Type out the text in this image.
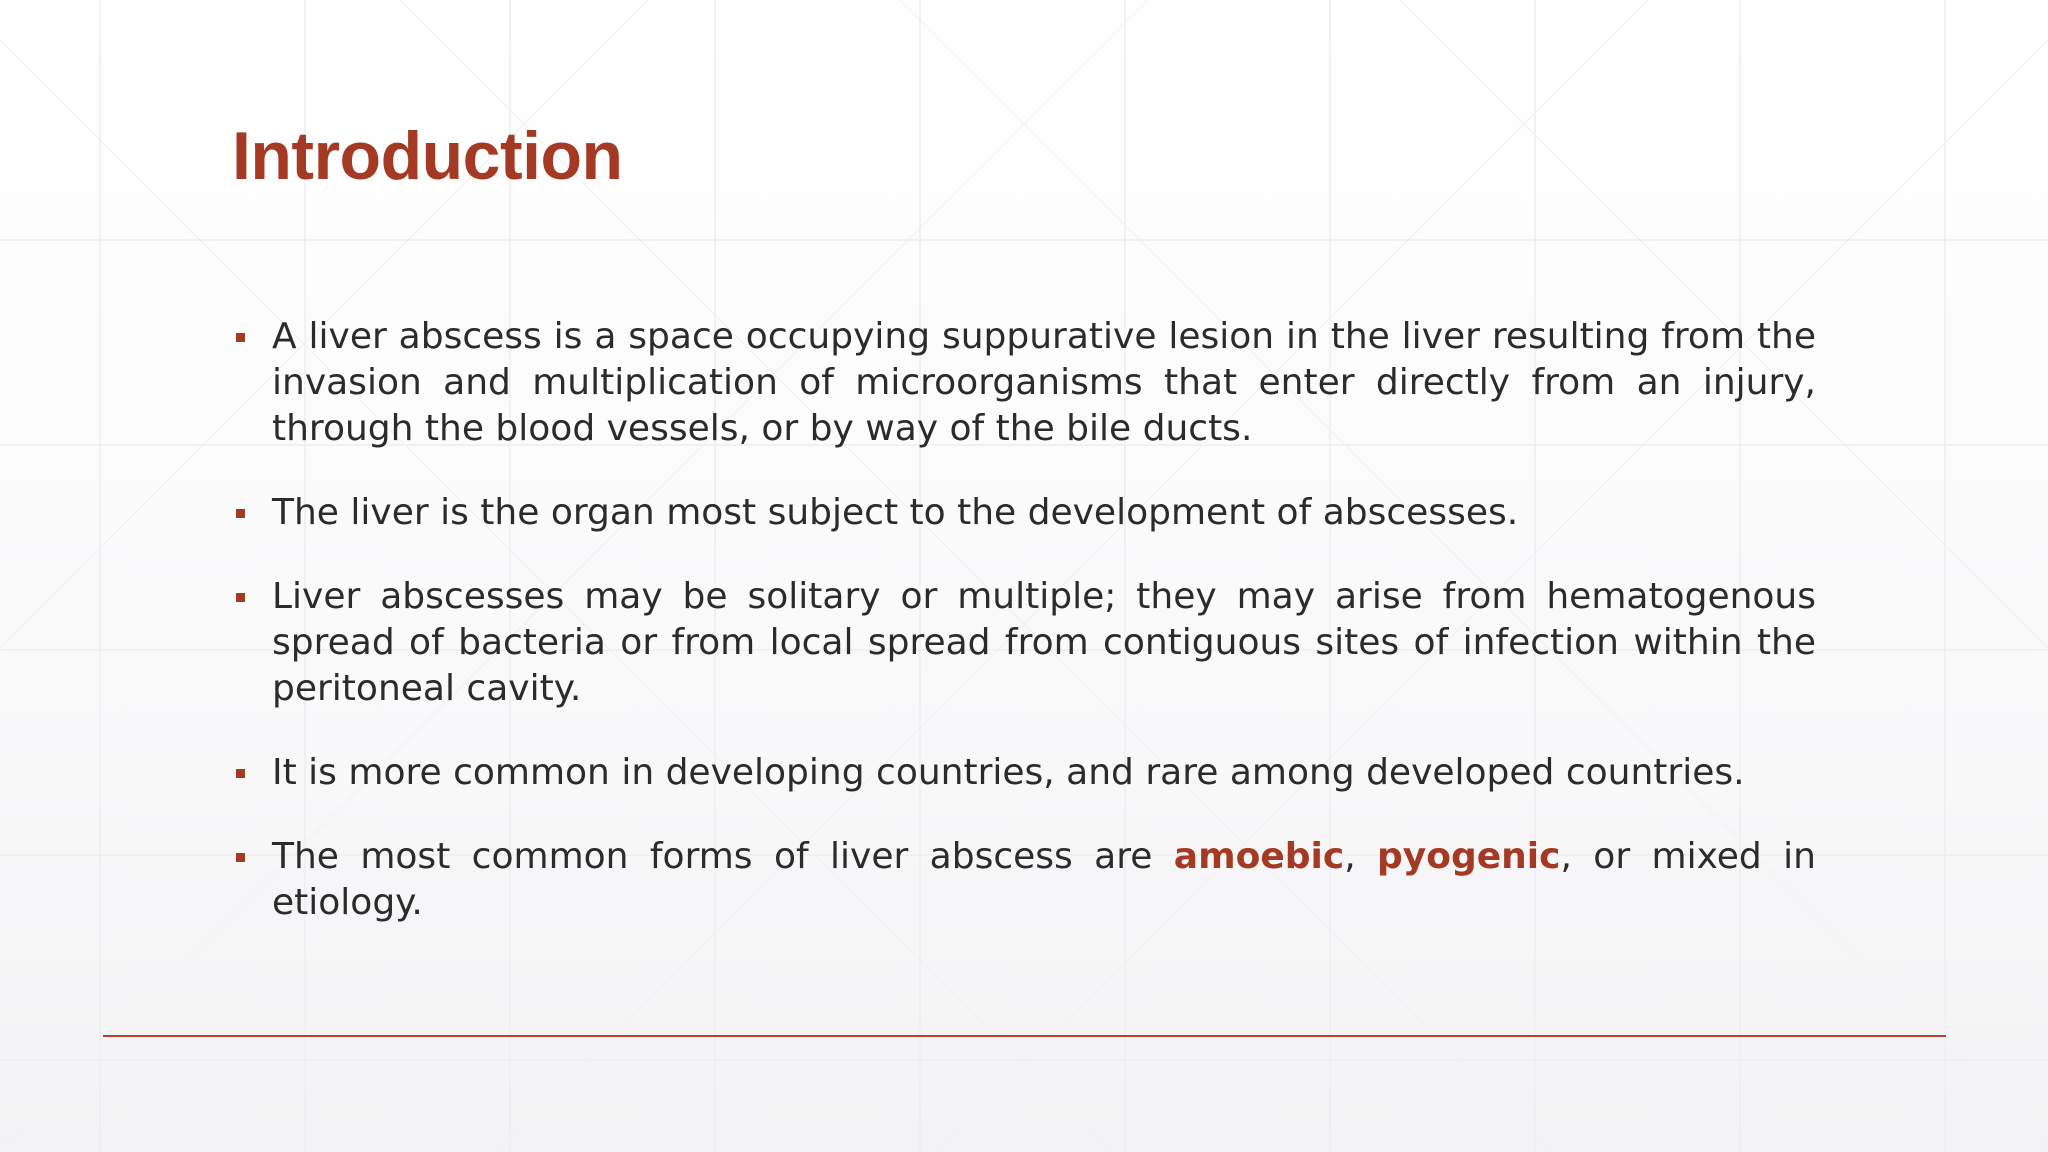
Introduction
A liver abscess is a space occupying suppurative lesion in the liver resulting from the invasion and multiplication of microorganisms that enter directly from an injury, through the blood vessels, or by way of the bile ducts.
The liver is the organ most subject to the development of abscesses.
Liver abscesses may be solitary or multiple; they may arise from hematogenous spread of bacteria or from local spread from contiguous sites of infection within the peritoneal cavity.
It is more common in developing countries, and rare among developed countries.
The most common forms of liver abscess are amoebic, pyogenic, or mixed in etiology.
